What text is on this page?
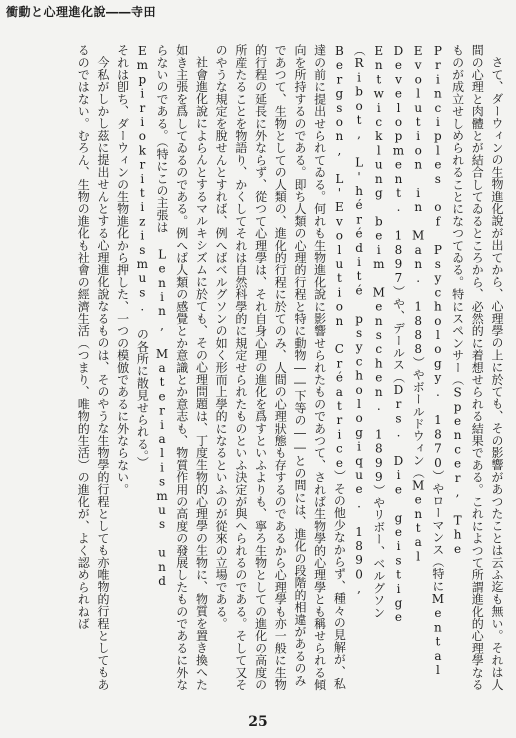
衝動と心理進化說――寺田

さて、ダーウィンの生物進化說が出てから、心理學の上に於ても、その影響があつたことは云ふ迄も無い。それは人間の心理と肉體とが結合してゐるところから、必然的に着想せられる結果である。これによつて所謂進化的心理學なるものが成立せしめられることになつてゐる。特にスペンサー（Spencer, The Principles of Psychology. 1870）やローマンス（特にMental Evolution in Man. 1888）やボールドウィン（Mental Development. 1897）や、デールス（Drs. Die geistige Entwicklung beim Menschen. 1899）やリボー、ベルグソン（Ribot, L'hérédité psychologique. 1890, Bergson, L'Evolution Créatrice）その他少なからず、種々の見解が、私達の前に提出せられてゐる。何れも生物進化說に影響せられたものであつて、されば生物學的心理學とも稱せられる傾向を所持するのである。即ち人類の心理的行程と特に動物――下等の――との間には、進化の段階的相違があるのみであつて、生物としての人類の、進化的行程に於てのみ、人間の心理狀態も存するのであるから心理學も亦一般に生物的行程の延長に外ならず、從つて心理學は、それ自身心理の進化を爲すといふよりも、寧ろ生物としての進化の高度の所産たることを物語り、かくしてそれは自然科學的に規定せられたものといふ決定が與へられるのである。そして又そのやうな規定を脫せんとすれば、例へばベルグソンの如く形而上學的になるといふのが從來の立場である。

社會進化說によらんとするマルキシズムに於ても、その心理問題は、丁度生物的心理學の生物に、物質を置き換へた如き主張を爲してゐるのである。例へば人類の感覺とか意識とか意志も、物質作用の高度の發展したものであるに外ならないのである。（特にこの主張は Lenin, Materialismus und Empiriokritizismus. の各所に散見せられる。）

それは卽ち、ダーウィンの生物進化から押した、一つの模倣であるに外ならない。

今私がしかし茲に提出せんとする心理進化說なるものは、そのやうな生物學的行程としても亦唯物的行程としてもあるのではない。むろん、生物の進化も社會の經濟生活（つまり、唯物的生活）の進化が、よく認められねば

25
